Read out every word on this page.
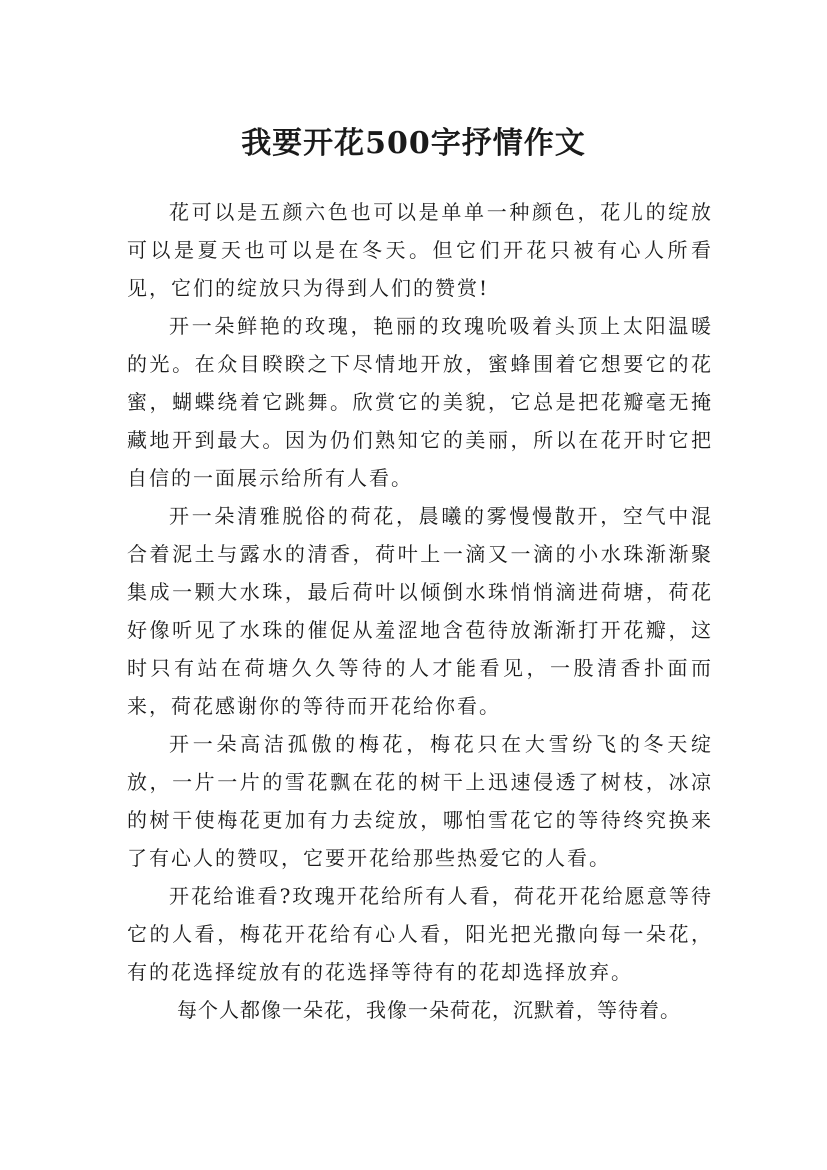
我要开花500字抒情作文

花可以是五颜六色也可以是单单一种颜色，花儿的绽放可以是夏天也可以是在冬天。但它们开花只被有心人所看见，它们的绽放只为得到人们的赞赏!

开一朵鲜艳的玫瑰，艳丽的玫瑰吮吸着头顶上太阳温暖的光。在众目睽睽之下尽情地开放，蜜蜂围着它想要它的花蜜，蝴蝶绕着它跳舞。欣赏它的美貌，它总是把花瓣毫无掩藏地开到最大。因为仍们熟知它的美丽，所以在花开时它把自信的一面展示给所有人看。

开一朵清雅脱俗的荷花，晨曦的雾慢慢散开，空气中混合着泥土与露水的清香，荷叶上一滴又一滴的小水珠渐渐聚集成一颗大水珠，最后荷叶以倾倒水珠悄悄滴进荷塘，荷花好像听见了水珠的催促从羞涩地含苞待放渐渐打开花瓣，这时只有站在荷塘久久等待的人才能看见，一股清香扑面而来，荷花感谢你的等待而开花给你看。

开一朵高洁孤傲的梅花，梅花只在大雪纷飞的冬天绽放，一片一片的雪花飘在花的树干上迅速侵透了树枝，冰凉的树干使梅花更加有力去绽放，哪怕雪花它的等待终究换来了有心人的赞叹，它要开花给那些热爱它的人看。

开花给谁看?玫瑰开花给所有人看，荷花开花给愿意等待它的人看，梅花开花给有心人看，阳光把光撒向每一朵花，有的花选择绽放有的花选择等待有的花却选择放弃。

每个人都像一朵花，我像一朵荷花，沉默着，等待着。
